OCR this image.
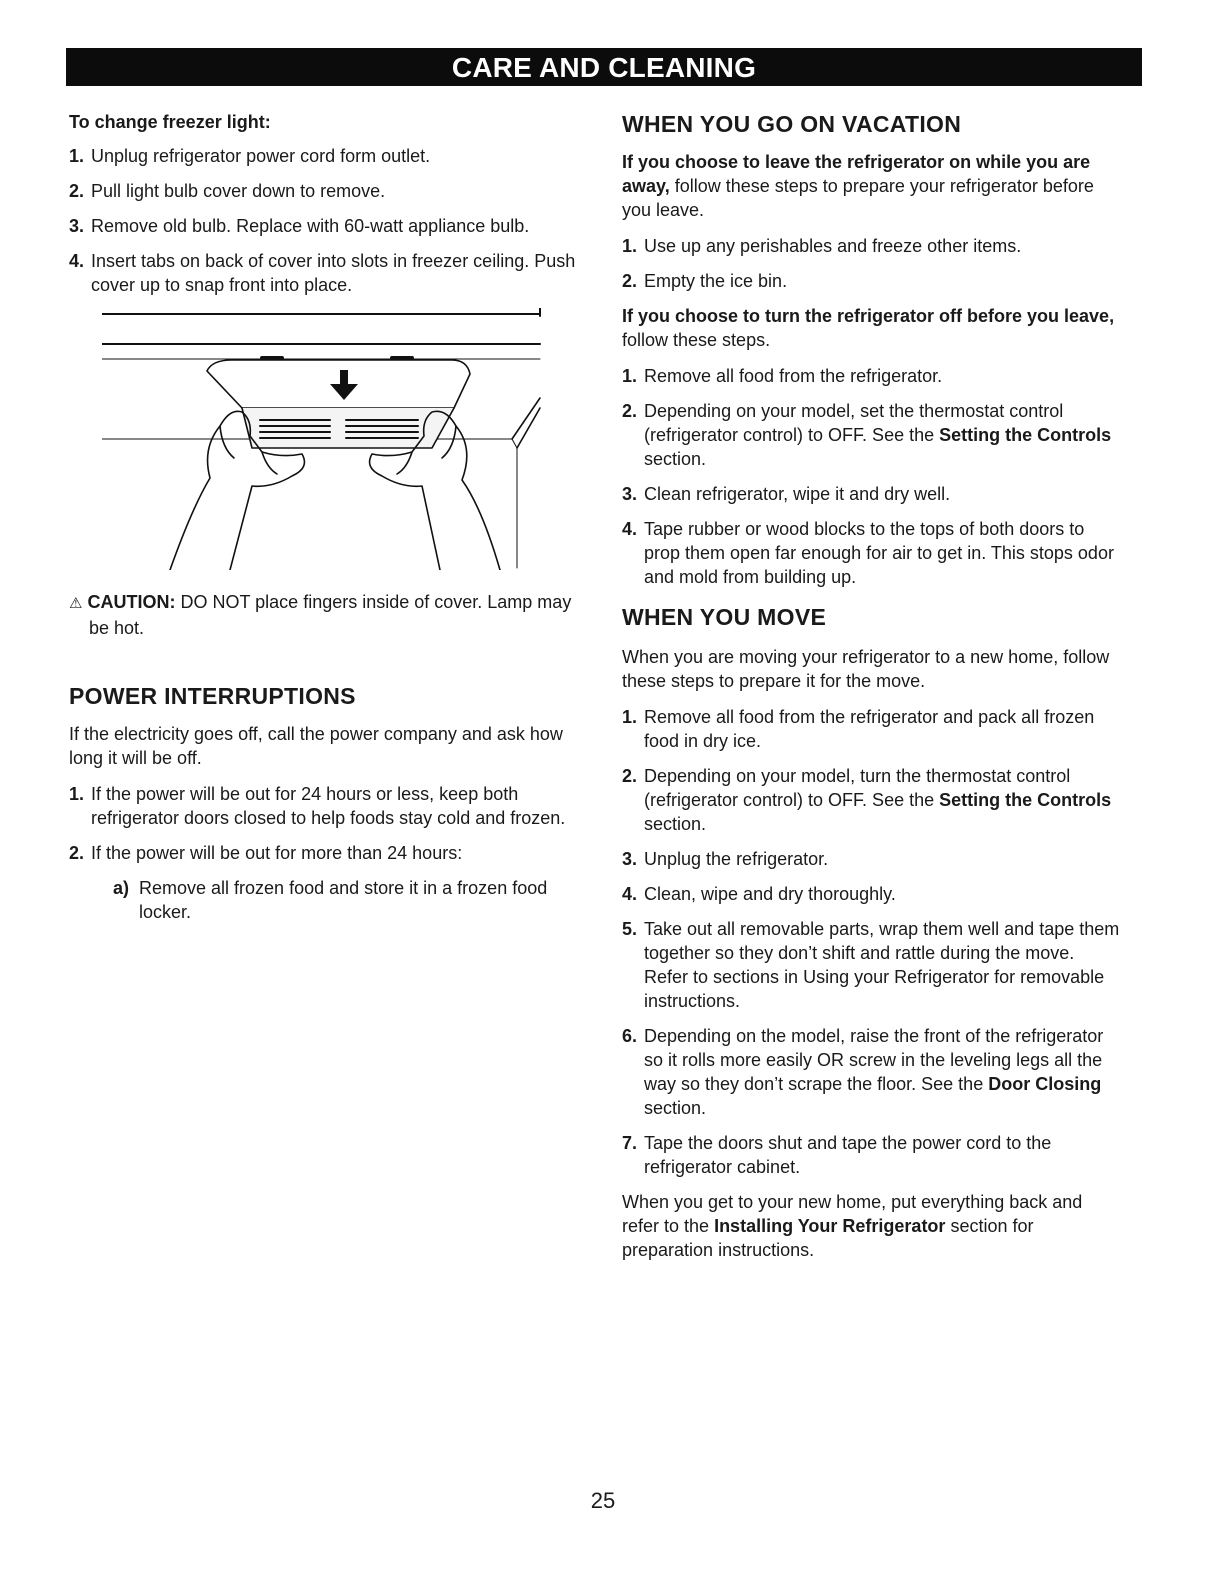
CARE AND CLEANING

To change freezer light:

1. Unplug refrigerator power cord form outlet.
2. Pull light bulb cover down to remove.
3. Remove old bulb. Replace with 60-watt appliance bulb.
4. Insert tabs on back of cover into slots in freezer ceiling. Push cover up to snap front into place.

⚠ CAUTION: DO NOT place fingers inside of cover. Lamp may be hot.

POWER INTERRUPTIONS

If the electricity goes off, call the power company and ask how long it will be off.

1. If the power will be out for 24 hours or less, keep both refrigerator doors closed to help foods stay cold and frozen.
2. If the power will be out for more than 24 hours:

a) Remove all frozen food and store it in a frozen food locker.

WHEN YOU GO ON VACATION

If you choose to leave the refrigerator on while you are away, follow these steps to prepare your refrigerator before you leave.

1. Use up any perishables and freeze other items.
2. Empty the ice bin.

If you choose to turn the refrigerator off before you leave, follow these steps.

1. Remove all food from the refrigerator.
2. Depending on your model, set the thermostat control (refrigerator control) to OFF. See the Setting the Controls section.
3. Clean refrigerator, wipe it and dry well.
4. Tape rubber or wood blocks to the tops of both doors to prop them open far enough for air to get in. This stops odor and mold from building up.

WHEN YOU MOVE

When you are moving your refrigerator to a new home, follow these steps to prepare it for the move.

1. Remove all food from the refrigerator and pack all frozen food in dry ice.
2. Depending on your model, turn the thermostat control (refrigerator control) to OFF. See the Setting the Controls section.
3. Unplug the refrigerator.
4. Clean, wipe and dry thoroughly.
5. Take out all removable parts, wrap them well and tape them together so they don’t shift and rattle during the move. Refer to sections in Using your Refrigerator for removable instructions.
6. Depending on the model, raise the front of the refrigerator so it rolls more easily OR screw in the leveling legs all the way so they don’t scrape the floor. See the Door Closing section.
7. Tape the doors shut and tape the power cord to the refrigerator cabinet.

When you get to your new home, put everything back and refer to the Installing Your Refrigerator section for preparation instructions.

25
